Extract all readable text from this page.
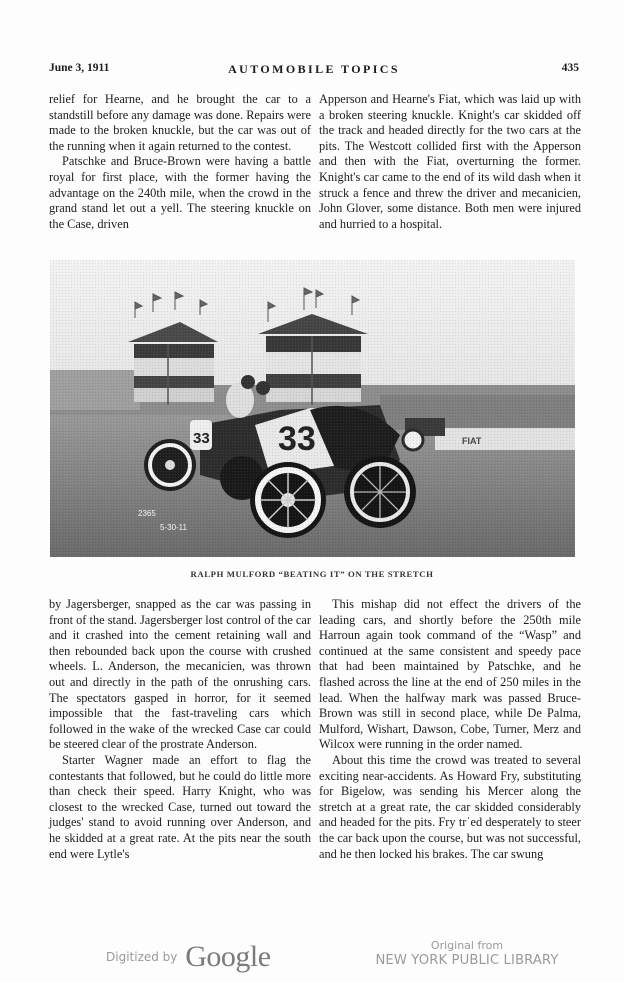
June 3, 1911	AUTOMOBILE TOPICS	435

relief for Hearne, and he brought the car to a standstill before any damage was done. Repairs were made to the broken knuckle, but the car was out of the running when it again returned to the contest.

Patschke and Bruce-Brown were having a battle royal for first place, with the former having the advantage on the 240th mile, when the crowd in the grand stand let out a yell. The steering knuckle on the Case, driven

Apperson and Hearne's Fiat, which was laid up with a broken steering knuckle. Knight's car skidded off the track and headed directly for the two cars at the pits. The Westcott collided first with the Apperson and then with the Fiat, overturning the former. Knight's car came to the end of its wild dash when it struck a fence and threw the driver and mecanicien, John Glover, some distance. Both men were injured and hurried to a hospital.

2365
5-30-11
RALPH MULFORD “BEATING IT” ON THE STRETCH

by Jagersberger, snapped as the car was passing in front of the stand. Jagersberger lost control of the car and it crashed into the cement retaining wall and then rebounded back upon the course with crushed wheels. L. Anderson, the mecanicien, was thrown out and directly in the path of the onrushing cars. The spectators gasped in horror, for it seemed impossible that the fast-traveling cars which followed in the wake of the wrecked Case car could be steered clear of the prostrate Anderson.

Starter Wagner made an effort to flag the contestants that followed, but he could do little more than check their speed. Harry Knight, who was closest to the wrecked Case, turned out toward the judges' stand to avoid running over Anderson, and he skidded at a great rate. At the pits near the south end were Lytle's

This mishap did not effect the drivers of the leading cars, and shortly before the 250th mile Harroun again took command of the “Wasp” and continued at the same consistent and speedy pace that had been maintained by Patschke, and he flashed across the line at the end of 250 miles in the lead. When the halfway mark was passed Bruce-Brown was still in second place, while De Palma, Mulford, Wishart, Dawson, Cobe, Turner, Merz and Wilcox were running in the order named.

About this time the crowd was treated to several exciting near-accidents. As Howard Fry, substituting for Bigelow, was sending his Mercer along the stretch at a great rate, the car skidded considerably and headed for the pits. Fry trˈed desperately to steer the car back upon the course, but was not successful, and he then locked his brakes. The car swung

Digitized by Google	Original from
NEW YORK PUBLIC LIBRARY
